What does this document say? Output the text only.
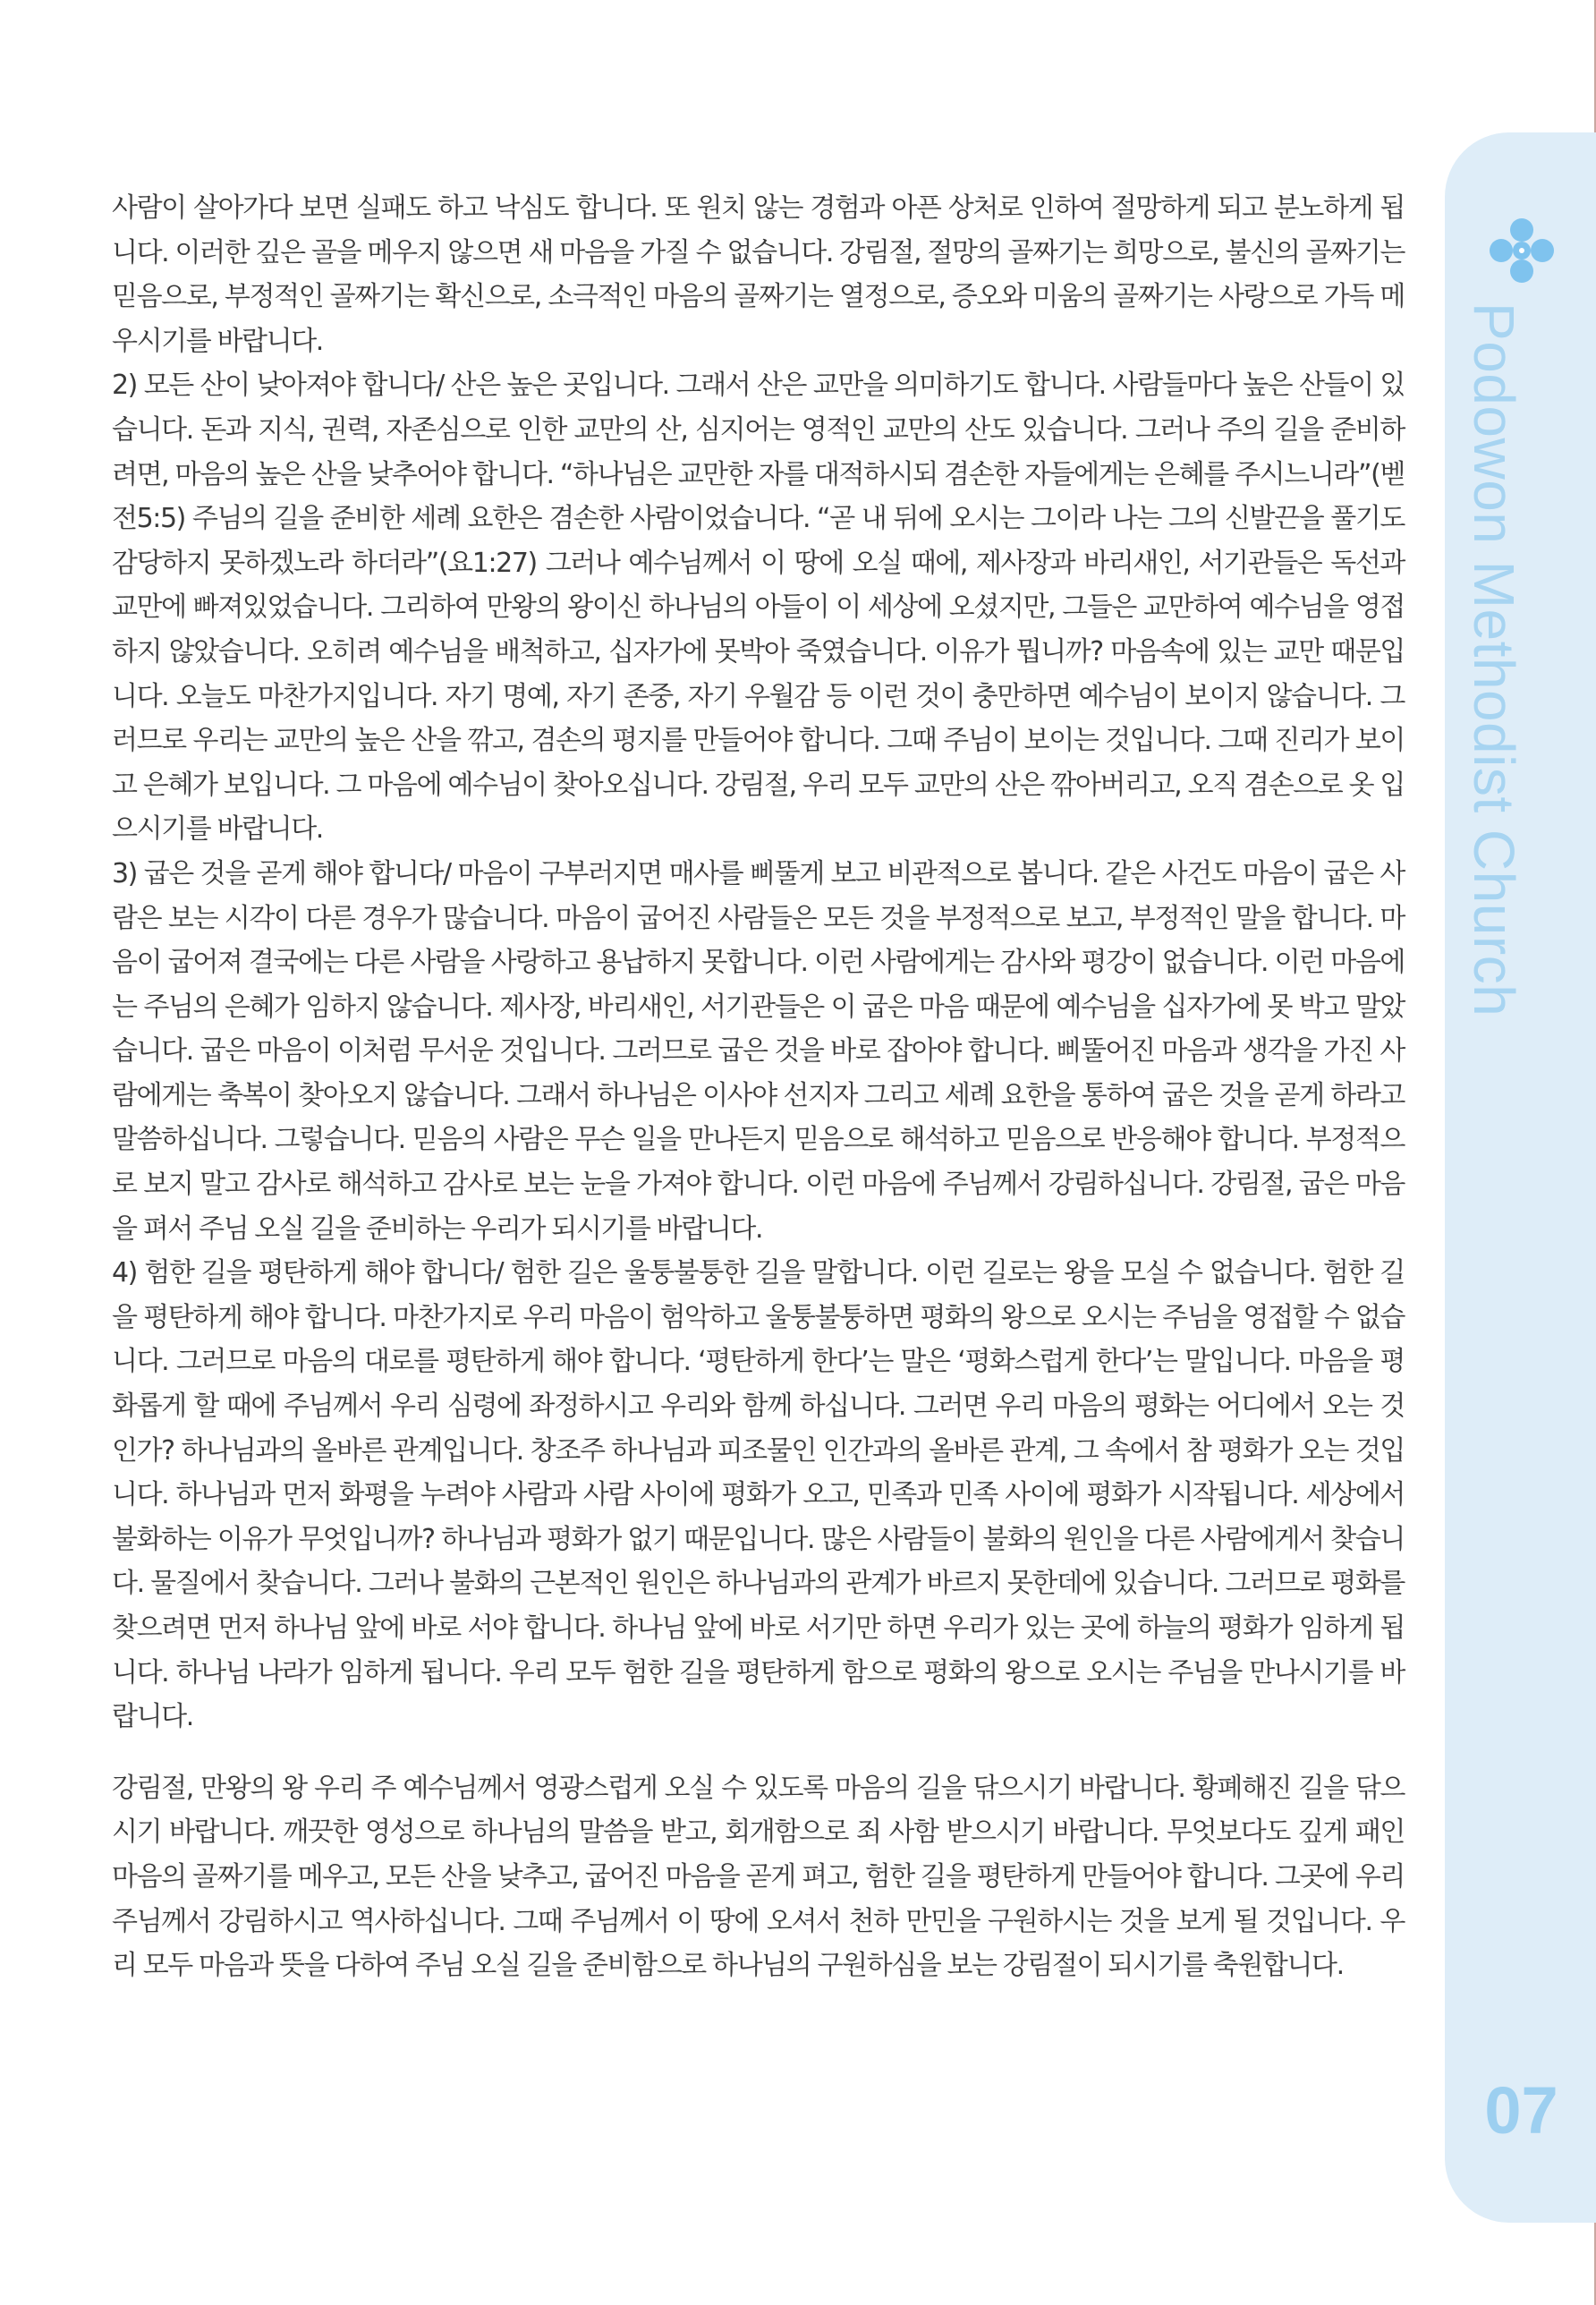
Podowon Methodist Church
07

사람이 살아가다 보면 실패도 하고 낙심도 합니다. 또 원치 않는 경험과 아픈 상처로 인하여 절망하게 되고 분노하게 됩니다. 이러한 깊은 골을 메우지 않으면 새 마음을 가질 수 없습니다. 강림절, 절망의 골짜기는 희망으로, 불신의 골짜기는 믿음으로, 부정적인 골짜기는 확신으로, 소극적인 마음의 골짜기는 열정으로, 증오와 미움의 골짜기는 사랑으로 가득 메우시기를 바랍니다.

2) 모든 산이 낮아져야 합니다/ 산은 높은 곳입니다. 그래서 산은 교만을 의미하기도 합니다. 사람들마다 높은 산들이 있습니다. 돈과 지식, 권력, 자존심으로 인한 교만의 산, 심지어는 영적인 교만의 산도 있습니다. 그러나 주의 길을 준비하려면, 마음의 높은 산을 낮추어야 합니다. “하나님은 교만한 자를 대적하시되 겸손한 자들에게는 은혜를 주시느니라”(벧전5:5) 주님의 길을 준비한 세례 요한은 겸손한 사람이었습니다. “곧 내 뒤에 오시는 그이라 나는 그의 신발끈을 풀기도 감당하지 못하겠노라 하더라”(요1:27) 그러나 예수님께서 이 땅에 오실 때에, 제사장과 바리새인, 서기관들은 독선과 교만에 빠져있었습니다. 그리하여 만왕의 왕이신 하나님의 아들이 이 세상에 오셨지만, 그들은 교만하여 예수님을 영접하지 않았습니다. 오히려 예수님을 배척하고, 십자가에 못박아 죽였습니다. 이유가 뭡니까? 마음속에 있는 교만 때문입니다. 오늘도 마찬가지입니다. 자기 명예, 자기 존중, 자기 우월감 등 이런 것이 충만하면 예수님이 보이지 않습니다. 그러므로 우리는 교만의 높은 산을 깎고, 겸손의 평지를 만들어야 합니다. 그때 주님이 보이는 것입니다. 그때 진리가 보이고 은혜가 보입니다. 그 마음에 예수님이 찾아오십니다. 강림절, 우리 모두 교만의 산은 깎아버리고, 오직 겸손으로 옷 입으시기를 바랍니다.

3) 굽은 것을 곧게 해야 합니다/ 마음이 구부러지면 매사를 삐뚤게 보고 비관적으로 봅니다. 같은 사건도 마음이 굽은 사람은 보는 시각이 다른 경우가 많습니다. 마음이 굽어진 사람들은 모든 것을 부정적으로 보고, 부정적인 말을 합니다. 마음이 굽어져 결국에는 다른 사람을 사랑하고 용납하지 못합니다. 이런 사람에게는 감사와 평강이 없습니다. 이런 마음에는 주님의 은혜가 임하지 않습니다. 제사장, 바리새인, 서기관들은 이 굽은 마음 때문에 예수님을 십자가에 못 박고 말았습니다. 굽은 마음이 이처럼 무서운 것입니다. 그러므로 굽은 것을 바로 잡아야 합니다. 삐뚤어진 마음과 생각을 가진 사람에게는 축복이 찾아오지 않습니다. 그래서 하나님은 이사야 선지자 그리고 세례 요한을 통하여 굽은 것을 곧게 하라고 말씀하십니다. 그렇습니다. 믿음의 사람은 무슨 일을 만나든지 믿음으로 해석하고 믿음으로 반응해야 합니다. 부정적으로 보지 말고 감사로 해석하고 감사로 보는 눈을 가져야 합니다. 이런 마음에 주님께서 강림하십니다. 강림절, 굽은 마음을 펴서 주님 오실 길을 준비하는 우리가 되시기를 바랍니다.

4) 험한 길을 평탄하게 해야 합니다/ 험한 길은 울퉁불퉁한 길을 말합니다. 이런 길로는 왕을 모실 수 없습니다. 험한 길을 평탄하게 해야 합니다. 마찬가지로 우리 마음이 험악하고 울퉁불퉁하면 평화의 왕으로 오시는 주님을 영접할 수 없습니다. 그러므로 마음의 대로를 평탄하게 해야 합니다. ‘평탄하게 한다’는 말은 ‘평화스럽게 한다’는 말입니다. 마음을 평화롭게 할 때에 주님께서 우리 심령에 좌정하시고 우리와 함께 하십니다. 그러면 우리 마음의 평화는 어디에서 오는 것인가? 하나님과의 올바른 관계입니다. 창조주 하나님과 피조물인 인간과의 올바른 관계, 그 속에서 참 평화가 오는 것입니다. 하나님과 먼저 화평을 누려야 사람과 사람 사이에 평화가 오고, 민족과 민족 사이에 평화가 시작됩니다. 세상에서 불화하는 이유가 무엇입니까? 하나님과 평화가 없기 때문입니다. 많은 사람들이 불화의 원인을 다른 사람에게서 찾습니다. 물질에서 찾습니다. 그러나 불화의 근본적인 원인은 하나님과의 관계가 바르지 못한데에 있습니다. 그러므로 평화를 찾으려면 먼저 하나님 앞에 바로 서야 합니다. 하나님 앞에 바로 서기만 하면 우리가 있는 곳에 하늘의 평화가 임하게 됩니다. 하나님 나라가 임하게 됩니다. 우리 모두 험한 길을 평탄하게 함으로 평화의 왕으로 오시는 주님을 만나시기를 바랍니다.

강림절, 만왕의 왕 우리 주 예수님께서 영광스럽게 오실 수 있도록 마음의 길을 닦으시기 바랍니다. 황폐해진 길을 닦으시기 바랍니다. 깨끗한 영성으로 하나님의 말씀을 받고, 회개함으로 죄 사함 받으시기 바랍니다. 무엇보다도 깊게 패인 마음의 골짜기를 메우고, 모든 산을 낮추고, 굽어진 마음을 곧게 펴고, 험한 길을 평탄하게 만들어야 합니다. 그곳에 우리 주님께서 강림하시고 역사하십니다. 그때 주님께서 이 땅에 오셔서 천하 만민을 구원하시는 것을 보게 될 것입니다. 우리 모두 마음과 뜻을 다하여 주님 오실 길을 준비함으로 하나님의 구원하심을 보는 강림절이 되시기를 축원합니다.
